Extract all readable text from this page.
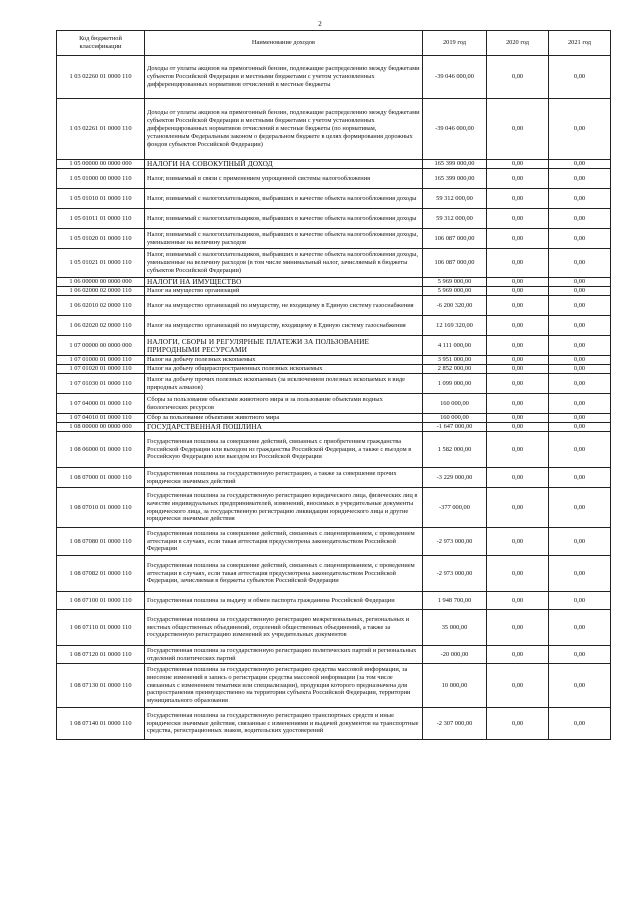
2
Код бюджетной классификации	Наименование доходов	2019 год	2020 год	2021 год
1 03 02260 01 0000 110	Доходы от уплаты акцизов на прямогонный бензин, подлежащие распределению между бюджетами субъектов Российской Федерации и местными бюджетами с учетом установленных дифференцированных нормативов отчислений в местные бюджеты	-39 046 000,00	0,00	0,00
1 03 02261 01 0000 110	Доходы от уплаты акцизов на прямогонный бензин, подлежащие распределению между бюджетами субъектов Российской Федерации и местными бюджетами с учетом установленных дифференцированных нормативов отчислений в местные бюджеты (по нормативам, установленным Федеральным законом о федеральном бюджете в целях формирования дорожных фондов субъектов Российской Федерации)	-39 046 000,00	0,00	0,00
1 05 00000 00 0000 000	НАЛОГИ НА СОВОКУПНЫЙ ДОХОД	165 399 000,00	0,00	0,00
1 05 01000 00 0000 110	Налог, взимаемый в связи с применением упрощенной системы налогообложения	165 399 000,00	0,00	0,00
1 05 01010 01 0000 110	Налог, взимаемый с налогоплательщиков, выбравших в качестве объекта налогообложения доходы	59 312 000,00	0,00	0,00
1 05 01011 01 0000 110	Налог, взимаемый с налогоплательщиков, выбравших в качестве объекта налогообложения доходы	59 312 000,00	0,00	0,00
1 05 01020 01 0000 110	Налог, взимаемый с налогоплательщиков, выбравших в качестве объекта налогообложения доходы, уменьшенные на величину расходов	106 087 000,00	0,00	0,00
1 05 01021 01 0000 110	Налог, взимаемый с налогоплательщиков, выбравших в качестве объекта налогообложения доходы, уменьшенные на величину расходов (в том числе минимальный налог, зачисляемый в бюджеты субъектов Российской Федерации)	106 087 000,00	0,00	0,00
1 06 00000 00 0000 000	НАЛОГИ НА ИМУЩЕСТВО	5 969 000,00	0,00	0,00
1 06 02000 02 0000 110	Налог на имущество организаций	5 969 000,00	0,00	0,00
1 06 02010 02 0000 110	Налог на имущество организаций по имуществу, не входящему в Единую систему газоснабжения	-6 200 320,00	0,00	0,00
1 06 02020 02 0000 110	Налог на имущество организаций по имуществу, входящему в Единую систему газоснабжения	12 169 320,00	0,00	0,00
1 07 00000 00 0000 000	НАЛОГИ, СБОРЫ И РЕГУЛЯРНЫЕ ПЛАТЕЖИ ЗА ПОЛЬЗОВАНИЕ ПРИРОДНЫМИ РЕСУРСАМИ	4 111 000,00	0,00	0,00
1 07 01000 01 0000 110	Налог на добычу полезных ископаемых	3 951 000,00	0,00	0,00
1 07 01020 01 0000 110	Налог на добычу общераспространенных полезных ископаемых	2 852 000,00	0,00	0,00
1 07 01030 01 0000 110	Налог на добычу прочих полезных ископаемых (за исключением полезных ископаемых в виде природных алмазов)	1 099 000,00	0,00	0,00
1 07 04000 01 0000 110	Сборы за пользование объектами животного мира и за пользование объектами водных биологических ресурсов	160 000,00	0,00	0,00
1 07 04010 01 0000 110	Сбор за пользование объектами животного мира	160 000,00	0,00	0,00
1 08 00000 00 0000 000	ГОСУДАРСТВЕННАЯ ПОШЛИНА	-1 647 000,00	0,00	0,00
1 08 06000 01 0000 110	Государственная пошлина за совершение действий, связанных с приобретением гражданства Российской Федерации или выходом из гражданства Российской Федерации, а также с въездом в Российскую Федерацию или выездом из Российской Федерации	1 582 000,00	0,00	0,00
1 08 07000 01 0000 110	Государственная пошлина за государственную регистрацию, а также за совершение прочих юридически значимых действий	-3 229 000,00	0,00	0,00
1 08 07010 01 0000 110	Государственная пошлина за государственную регистрацию юридического лица, физических лиц в качестве индивидуальных предпринимателей, изменений, вносимых в учредительные документы юридического лица, за государственную регистрацию ликвидации юридического лица и другие юридически значимые действия	-377 000,00	0,00	0,00
1 08 07080 01 0000 110	Государственная пошлина за совершение действий, связанных с лицензированием, с проведением аттестации в случаях, если такая аттестация предусмотрена законодательством Российской Федерации	-2 973 000,00	0,00	0,00
1 08 07082 01 0000 110	Государственная пошлина за совершение действий, связанных с лицензированием, с проведением аттестации в случаях, если такая аттестация предусмотрена законодательством Российской Федерации, зачисляемая в бюджеты субъектов Российской Федерации	-2 973 000,00	0,00	0,00
1 08 07100 01 0000 110	Государственная пошлина за выдачу и обмен паспорта гражданина Российской Федерации	1 948 700,00	0,00	0,00
1 08 07110 01 0000 110	Государственная пошлина за государственную регистрацию межрегиональных, региональных и местных общественных объединений, отделений общественных объединений, а также за государственную регистрацию изменений их учредительных документов	35 000,00	0,00	0,00
1 08 07120 01 0000 110	Государственная пошлина за государственную регистрацию политических партий и региональных отделений политических партий	-20 000,00	0,00	0,00
1 08 07130 01 0000 110	Государственная пошлина за государственную регистрацию средства массовой информации, за внесение изменений в запись о регистрации средства массовой информации (за том числе связанных с изменением тематики или специализации), продукция которого предназначена для распространения преимущественно на территории субъекта Российской Федерации, территории муниципального образования	10 000,00	0,00	0,00
1 08 07140 01 0000 110	Государственная пошлина за государственную регистрацию транспортных средств и иные юридически значимые действия, связанные с изменениями и выдачей документов на транспортные средства, регистрационных знаков, водительских удостоверений	-2 307 000,00	0,00	0,00
